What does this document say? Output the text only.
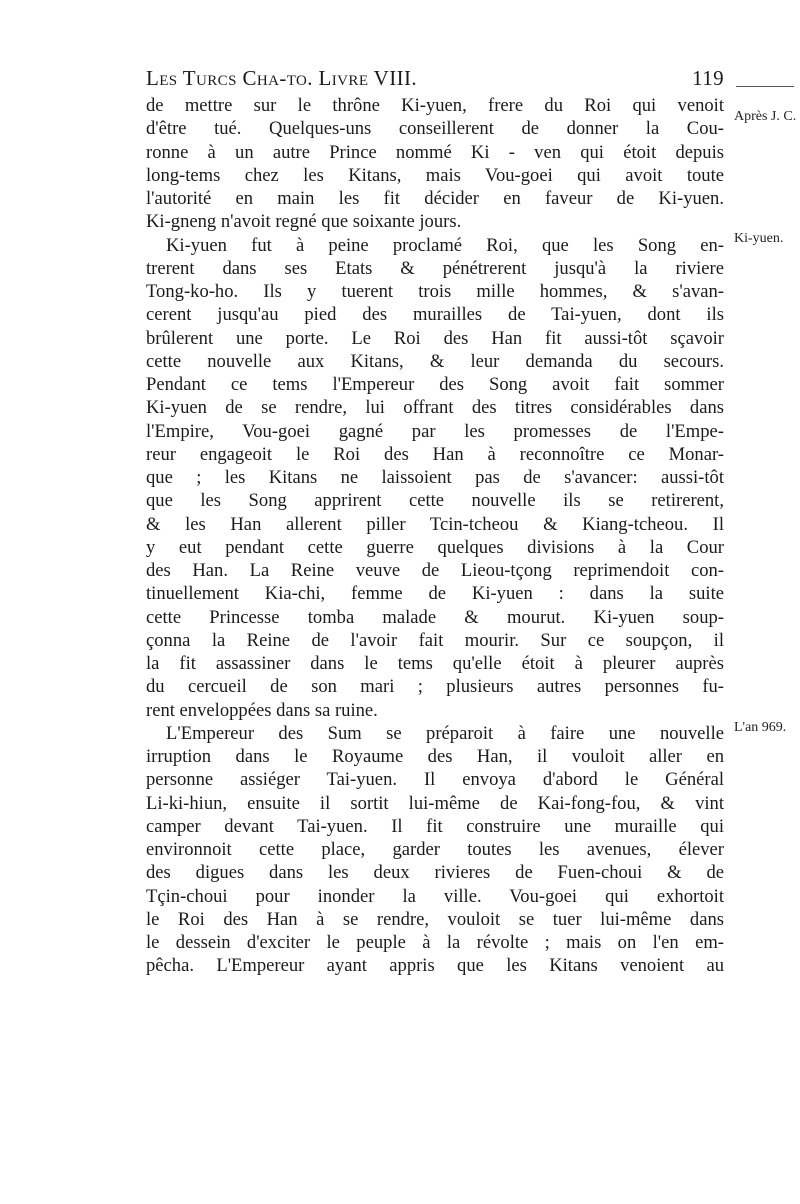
Les Turcs Cha-to. Livre VIII.	119
Après J. C.
Ki-yuen.
L'an 969.
de mettre sur le thrône Ki-yuen, frere du Roi qui venoit
d'être tué. Quelques-uns conseillerent de donner la Cou-
ronne à un autre Prince nommé Ki - ven qui étoit depuis
long-tems chez les Kitans, mais Vou-goei qui avoit toute
l'autorité en main les fit décider en faveur de Ki-yuen.
Ki-gneng n'avoit regné que soixante jours.
Ki-yuen fut à peine proclamé Roi, que les Song en-
trerent dans ses Etats & pénétrerent jusqu'à la riviere
Tong-ko-ho. Ils y tuerent trois mille hommes, & s'avan-
cerent jusqu'au pied des murailles de Tai-yuen, dont ils
brûlerent une porte. Le Roi des Han fit aussi-tôt sçavoir
cette nouvelle aux Kitans, & leur demanda du secours.
Pendant ce tems l'Empereur des Song avoit fait sommer
Ki-yuen de se rendre, lui offrant des titres considérables dans
l'Empire, Vou-goei gagné par les promesses de l'Empe-
reur engageoit le Roi des Han à reconnoître ce Monar-
que ; les Kitans ne laissoient pas de s'avancer: aussi-tôt
que les Song apprirent cette nouvelle ils se retirerent,
& les Han allerent piller Tcin-tcheou & Kiang-tcheou. Il
y eut pendant cette guerre quelques divisions à la Cour
des Han. La Reine veuve de Lieou-tçong reprimendoit con-
tinuellement Kia-chi, femme de Ki-yuen : dans la suite
cette Princesse tomba malade & mourut. Ki-yuen soup-
çonna la Reine de l'avoir fait mourir. Sur ce soupçon, il
la fit assassiner dans le tems qu'elle étoit à pleurer auprès
du cercueil de son mari ; plusieurs autres personnes fu-
rent enveloppées dans sa ruine.
L'Empereur des Sum se préparoit à faire une nouvelle
irruption dans le Royaume des Han, il vouloit aller en
personne assiéger Tai-yuen. Il envoya d'abord le Général
Li-ki-hiun, ensuite il sortit lui-même de Kai-fong-fou, & vint
camper devant Tai-yuen. Il fit construire une muraille qui
environnoit cette place, garder toutes les avenues, élever
des digues dans les deux rivieres de Fuen-choui & de
Tçin-choui pour inonder la ville. Vou-goei qui exhortoit
le Roi des Han à se rendre, vouloit se tuer lui-même dans
le dessein d'exciter le peuple à la révolte ; mais on l'en em-
pêcha. L'Empereur ayant appris que les Kitans venoient au
